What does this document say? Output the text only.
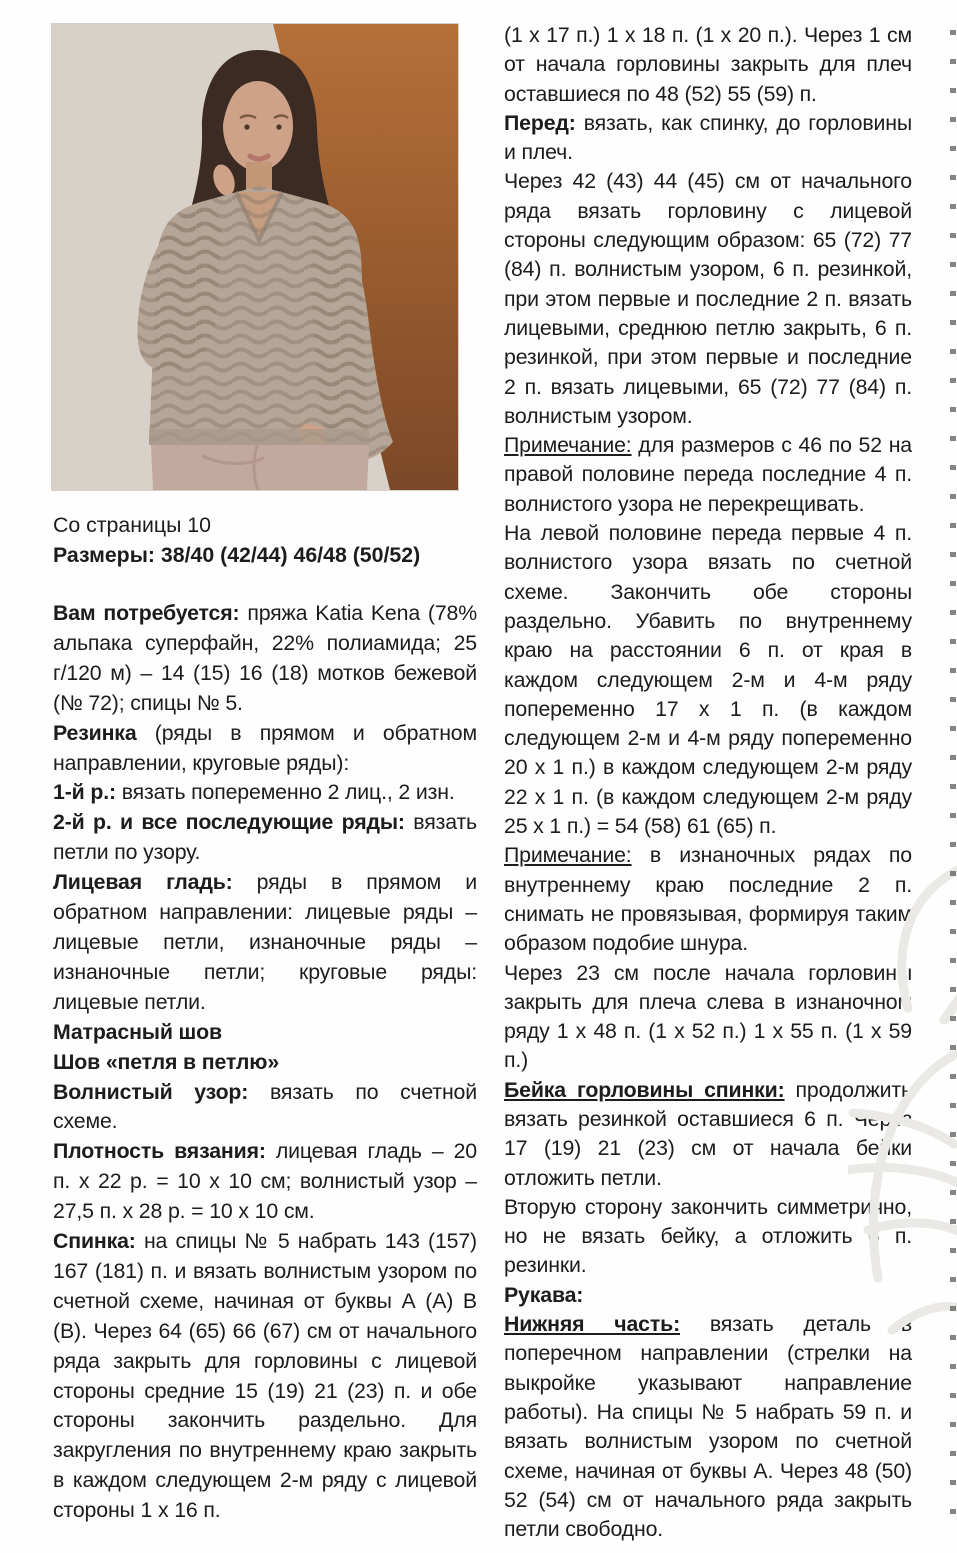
Со страницы 10

Размеры: 38/40 (42/44) 46/48 (50/52)

Вам потребуется: пряжа Katia Kena (78% альпака суперфайн, 22% полиамида; 25 г/120 м) – 14 (15) 16 (18) мотков бежевой (№ 72); спицы № 5.

Резинка (ряды в прямом и обратном направлении, круговые ряды):

1-й р.: вязать попеременно 2 лиц., 2 изн.

2-й р. и все последующие ряды: вязать петли по узору.

Лицевая гладь: ряды в прямом и обратном направлении: лицевые ряды – лицевые петли, изнаночные ряды – изнаночные петли; круговые ряды: лицевые петли.

Матрасный шов

Шов «петля в петлю»

Волнистый узор: вязать по счетной схеме.

Плотность вязания: лицевая гладь – 20 п. х 22 р. = 10 х 10 см; волнистый узор – 27,5 п. х 28 р. = 10 х 10 см.

Спинка: на спицы № 5 набрать 143 (157) 167 (181) п. и вязать волнистым узором по счетной схеме, начиная от буквы А (А) В (В). Через 64 (65) 66 (67) см от начального ряда закрыть для горловины с лицевой стороны средние 15 (19) 21 (23) п. и обе стороны закончить раздельно. Для закругления по внутреннему краю закрыть в каждом следующем 2-м ряду с лицевой стороны 1 х 16 п.

(1 х 17 п.) 1 х 18 п. (1 х 20 п.). Через 1 см от начала горловины закрыть для плеч оставшиеся по 48 (52) 55 (59) п.

Перед: вязать, как спинку, до горловины и плеч.

Через 42 (43) 44 (45) см от начального ряда вязать горловину с лицевой стороны следующим образом: 65 (72) 77 (84) п. волнистым узором, 6 п. резинкой, при этом первые и последние 2 п. вязать лицевыми, среднюю петлю закрыть, 6 п. резинкой, при этом первые и последние 2 п. вязать лицевыми, 65 (72) 77 (84) п. волнистым узором.

Примечание: для размеров с 46 по 52 на правой половине переда последние 4 п. волнистого узора не перекрещивать.

На левой половине переда первые 4 п. волнистого узора вязать по счетной схеме. Закончить обе стороны раздельно. Убавить по внутреннему краю на расстоянии 6 п. от края в каждом следующем 2-м и 4-м ряду попеременно 17 х 1 п. (в каждом следующем 2-м и 4-м ряду попеременно 20 х 1 п.) в каждом следующем 2-м ряду 22 х 1 п. (в каждом следующем 2-м ряду 25 х 1 п.) = 54 (58) 61 (65) п.

Примечание: в изнаночных рядах по внутреннему краю последние 2 п. снимать не провязывая, формируя таким образом подобие шнура.

Через 23 см после начала горловины закрыть для плеча слева в изнаночном ряду 1 х 48 п. (1 х 52 п.) 1 х 55 п. (1 х 59 п.)

Бейка горловины спинки: продолжить вязать резинкой оставшиеся 6 п. Через 17 (19) 21 (23) см от начала бейки отложить петли.

Вторую сторону закончить симметрично, но не вязать бейку, а отложить 6 п. резинки.

Рукава:

Нижняя часть: вязать деталь в поперечном направлении (стрелки на выкройке указывают направление работы). На спицы № 5 набрать 59 п. и вязать волнистым узором по счетной схеме, начиная от буквы А. Через 48 (50) 52 (54) см от начального ряда закрыть петли свободно.
